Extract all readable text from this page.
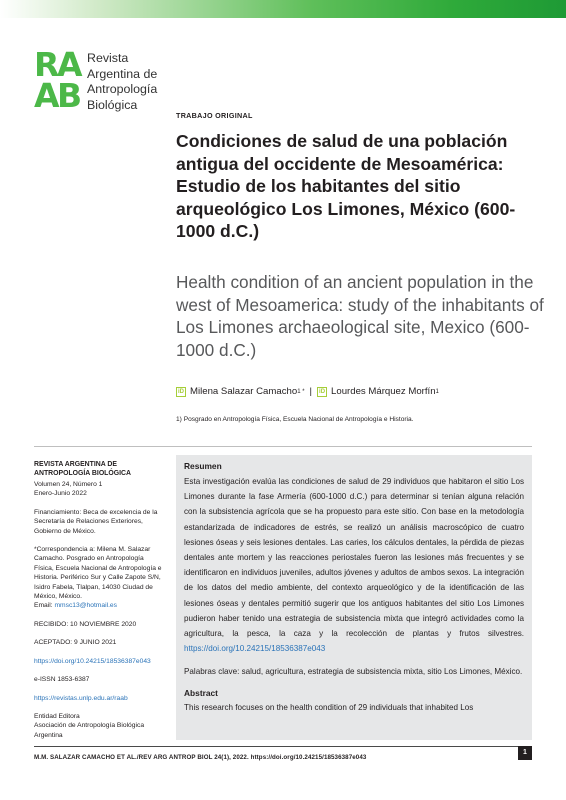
R
A
A
B
Revista
Argentina de
Antropología
Biológica
TRABAJO ORIGINAL
Condiciones de salud de una población antigua del occidente de Mesoamérica: Estudio de los habitantes del sitio arqueológico Los Limones, México (600-1000 d.C.)
Health condition of an ancient population in the west of Mesoamerica: study of the inhabitants of Los Limones archaeological site, Mexico (600-1000 d.C.)
iD Milena Salazar Camacho 1 * |	iD Lourdes Márquez Morfín 1
1) Posgrado en Antropología Física, Escuela Nacional de Antropología e Historia.
REVISTA ARGENTINA DE ANTROPOLOGÍA BIOLÓGICA
Volumen 24, Número 1
Enero-Junio 2022
Financiamiento: Beca de excelencia de la Secretaría de Relaciones Exteriores, Gobierno de México.
*Correspondencia a: Milena M. Salazar Camacho. Posgrado en Antropología Física, Escuela Nacional de Antropología e Historia. Periférico Sur y Calle Zapote S/N, Isidro Fabela, Tlalpan, 14030 Ciudad de México, México.
Email: mmsc13@hotmail.es
RECIBIDO: 10 NOVIEMBRE 2020
ACEPTADO: 9 JUNIO 2021
https://doi.org/10.24215/18536387e043
e-ISSN 1853-6387
https://revistas.unlp.edu.ar/raab
Entidad Editora
Asociación de Antropología Biológica Argentina
Resumen
Esta investigación evalúa las condiciones de salud de 29 individuos que habitaron el sitio Los Limones durante la fase Armería (600-1000 d.C.) para determinar si tenían alguna relación con la subsistencia agrícola que se ha propuesto para este sitio. Con base en la metodología estandarizada de indicadores de estrés, se realizó un análisis macroscópico de cuatro lesiones óseas y seis lesiones dentales. Las caries, los cálculos dentales, la pérdida de piezas dentales ante mortem y las reacciones periostales fueron las lesiones más frecuentes y se identificaron en individuos juveniles, adultos jóvenes y adultos de ambos sexos. La integración de los datos del medio ambiente, del contexto arqueológico y de la identificación de las lesiones óseas y dentales permitió sugerir que los antiguos habitantes del sitio Los Limones pudieron haber tenido una estrategia de subsistencia mixta que integró actividades como la agricultura, la pesca, la caza y la recolección de plantas y frutos silvestres. https://doi.org/10.24215/18536387e043
Palabras clave: salud, agricultura, estrategia de subsistencia mixta, sitio Los Limones, México.
Abstract
This research focuses on the health condition of 29 individuals that inhabited Los
M.M. SALAZAR CAMACHO ET AL./REV ARG ANTROP BIOL 24(1), 2022. https://doi.org/10.24215/18536387e043
1
